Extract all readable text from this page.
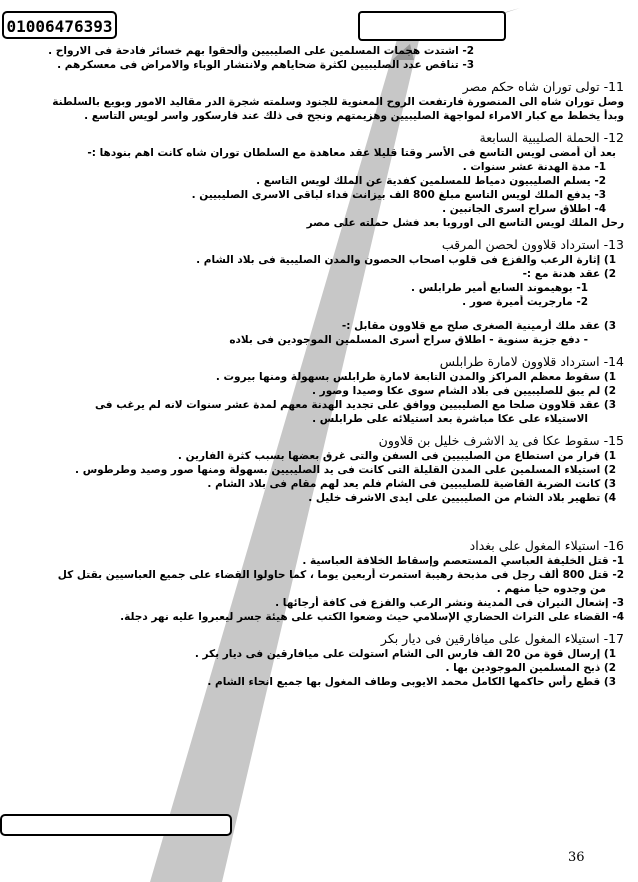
01006476393
36
2- اشتدت هجمات المسلمين على الصليبيين وألحقوا بهم خسائر فادحة فى الارواح .
3- تناقص عدد الصليبيين لكثرة ضحاياهم ولانتشار الوباء والامراض فى معسكرهم .
11- تولى توران شاه حكم مصر
وصل توران شاه الى المنصورة فارتفعت الروح المعنوية للجنود وسلمته شجرة الدر مقاليد الامور وبويع بالسلطنة
وبدأ يخطط مع كبار الامراء لمواجهة الصليبيين وهزيمتهم ونجح فى ذلك عند فارسكور واسر لويس التاسع .
12- الحملة الصليبية السابعة
بعد أن أمضى لويس التاسع فى الأسر وقتا قليلا عقد معاهدة مع السلطان توران شاه كانت اهم بنودها :-
1- مدة الهدنة عشر سنوات .
2- يسلم الصليبيون دمياط للمسلمين كفدية عن الملك لويس التاسع .
3- يدفع الملك لويس التاسع مبلغ 800 الف بيزانت فداء لباقى الاسرى الصليبيين .
4- اطلاق سراح اسرى الجانبين .
رحل الملك لويس التاسع الى اوروبا بعد فشل حملته على مصر
13- استرداد قلاوون لحصن المرقب
1) إثارة الرعب والفزع فى قلوب اصحاب الحصون والمدن الصليبية فى بلاد الشام .
2) عقد هدنة مع :-
1- بوهيموند السابع أمير طرابلس .
2- مارجريت أميرة صور .
3) عقد ملك أرمينية الصغرى صلح مع قلاوون مقابل :-
- دفع جزية سنوية - اطلاق سراح أسرى المسلمين الموجودين فى بلاده
14- استرداد قلاوون لامارة طرابلس
1) سقوط معظم المراكز والمدن التابعة لامارة طرابلس بسهولة ومنها بيروت .
2) لم يبق للصليبيين فى بلاد الشام سوى عكا وصيدا وصور .
3) عقد قلاوون صلحا مع الصليبيين ووافق على تجديد الهدنة معهم لمدة عشر سنوات لانه لم يرغب فى
الاستيلاء على عكا مباشرة بعد استيلائه على طرابلس .
15- سقوط عكا فى يد الاشرف خليل بن قلاوون
1) فرار من استطاع من الصليبيين فى السفن والتى غرق بعضها بسبب كثرة الفارين .
2) استيلاء المسلمين على المدن القليلة التى كانت فى يد الصليبيين بسهولة ومنها صور وصيد وطرطوس .
3) كانت الضربة القاضية للصليبيين فى الشام فلم يعد لهم مقام فى بلاد الشام .
4) تطهير بلاد الشام من الصليبيين على ايدى الاشرف خليل .
16- استيلاء المغول على بغداد
1- قتل الخليفة العباسي المستعصم وإسقاط الخلافة العباسية .
2- قتل 800 ألف رجل فى مذبحة رهيبة استمرت أربعين يوما ، كما حاولوا القضاء على جميع العباسيين بقتل كل
من وجدوه حيا منهم .
3- إشعال النيران فى المدينة ونشر الرعب والفزع فى كافة أرجائها .
4- القضاء على التراث الحضاري الإسلامي حيث وضعوا الكتب على هيئة جسر ليعبروا عليه نهر دجلة.
17- استيلاء المغول على ميافارقين فى ديار بكر
1) إرسال قوة من 20 الف فارس الى الشام استولت على ميافارقين فى ديار بكر .
2) ذبح المسلمين الموجودين بها .
3) قطع رأس حاكمها الكامل محمد الايوبى وطاف المغول بها جميع انحاء الشام .
